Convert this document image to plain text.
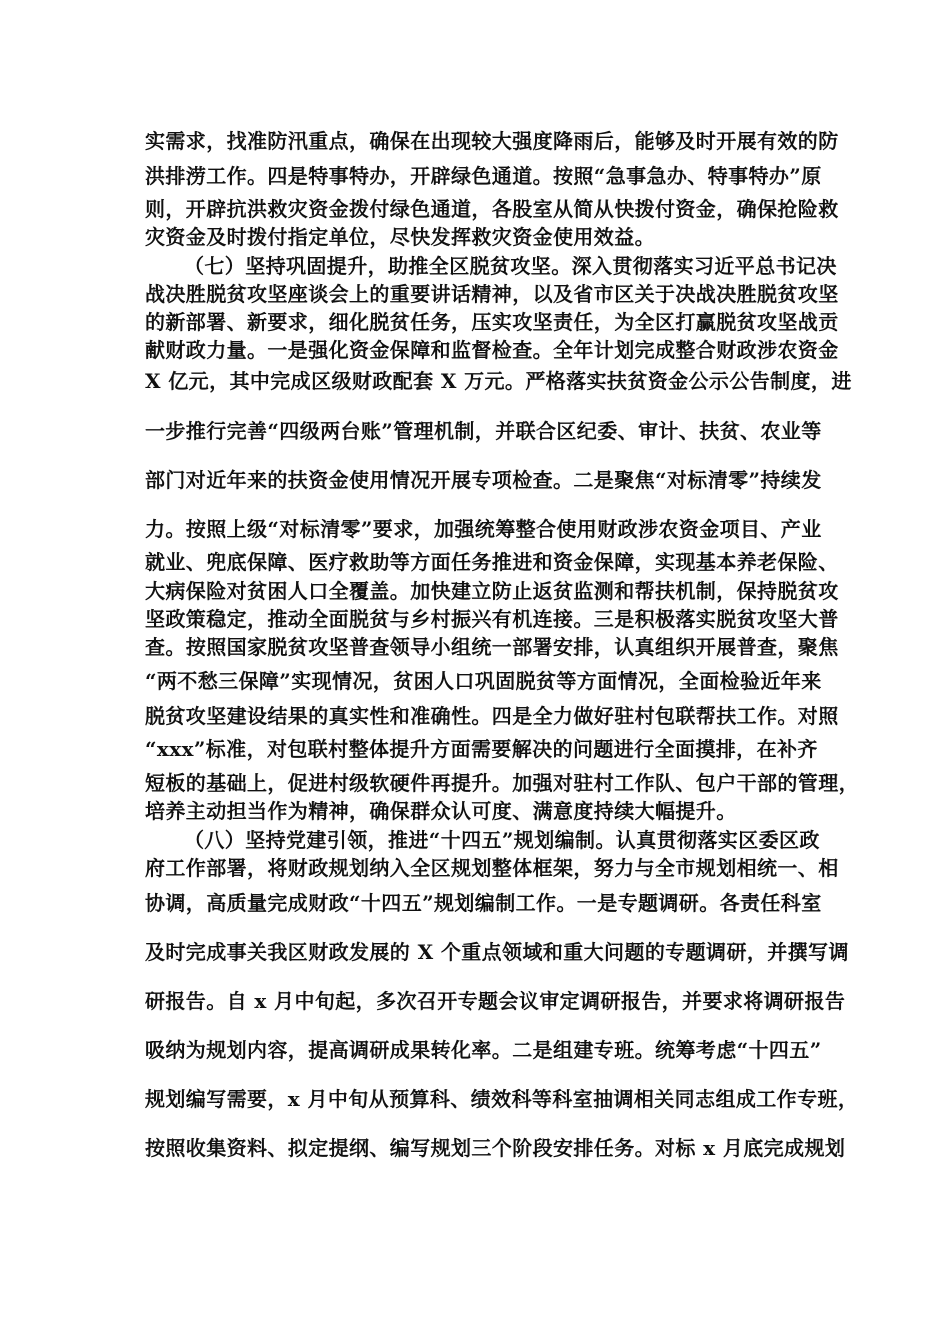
实需求，找准防汛重点，确保在出现较大强度降雨后，能够及时开展有效的防
洪排涝工作。四是特事特办，开辟绿色通道。按照“急事急办、特事特办”原
则，开辟抗洪救灾资金拨付绿色通道，各股室从简从快拨付资金，确保抢险救
灾资金及时拨付指定单位，尽快发挥救灾资金使用效益。
（七）坚持巩固提升，助推全区脱贫攻坚。深入贯彻落实习近平总书记决
战决胜脱贫攻坚座谈会上的重要讲话精神，以及省市区关于决战决胜脱贫攻坚
的新部署、新要求，细化脱贫任务，压实攻坚责任，为全区打赢脱贫攻坚战贡
献财政力量。一是强化资金保障和监督检查。全年计划完成整合财政涉农资金
X 亿元，其中完成区级财政配套 X 万元。严格落实扶贫资金公示公告制度，进
一步推行完善“四级两台账”管理机制，并联合区纪委、审计、扶贫、农业等
部门对近年来的扶资金使用情况开展专项检查。二是聚焦“对标清零”持续发
力。按照上级“对标清零”要求，加强统筹整合使用财政涉农资金项目、产业
就业、兜底保障、医疗救助等方面任务推进和资金保障，实现基本养老保险、
大病保险对贫困人口全覆盖。加快建立防止返贫监测和帮扶机制，保持脱贫攻
坚政策稳定，推动全面脱贫与乡村振兴有机连接。三是积极落实脱贫攻坚大普
查。按照国家脱贫攻坚普查领导小组统一部署安排，认真组织开展普查，聚焦
“两不愁三保障”实现情况，贫困人口巩固脱贫等方面情况，全面检验近年来
脱贫攻坚建设结果的真实性和准确性。四是全力做好驻村包联帮扶工作。对照
“xxx”标准，对包联村整体提升方面需要解决的问题进行全面摸排，在补齐
短板的基础上，促进村级软硬件再提升。加强对驻村工作队、包户干部的管理，
培养主动担当作为精神，确保群众认可度、满意度持续大幅提升。
（八）坚持党建引领，推进“十四五”规划编制。认真贯彻落实区委区政
府工作部署，将财政规划纳入全区规划整体框架，努力与全市规划相统一、相
协调，高质量完成财政“十四五”规划编制工作。一是专题调研。各责任科室
及时完成事关我区财政发展的 X 个重点领域和重大问题的专题调研，并撰写调
研报告。自 x 月中旬起，多次召开专题会议审定调研报告，并要求将调研报告
吸纳为规划内容，提高调研成果转化率。二是组建专班。统筹考虑“十四五”
规划编写需要，x 月中旬从预算科、绩效科等科室抽调相关同志组成工作专班，
按照收集资料、拟定提纲、编写规划三个阶段安排任务。对标 x 月底完成规划
